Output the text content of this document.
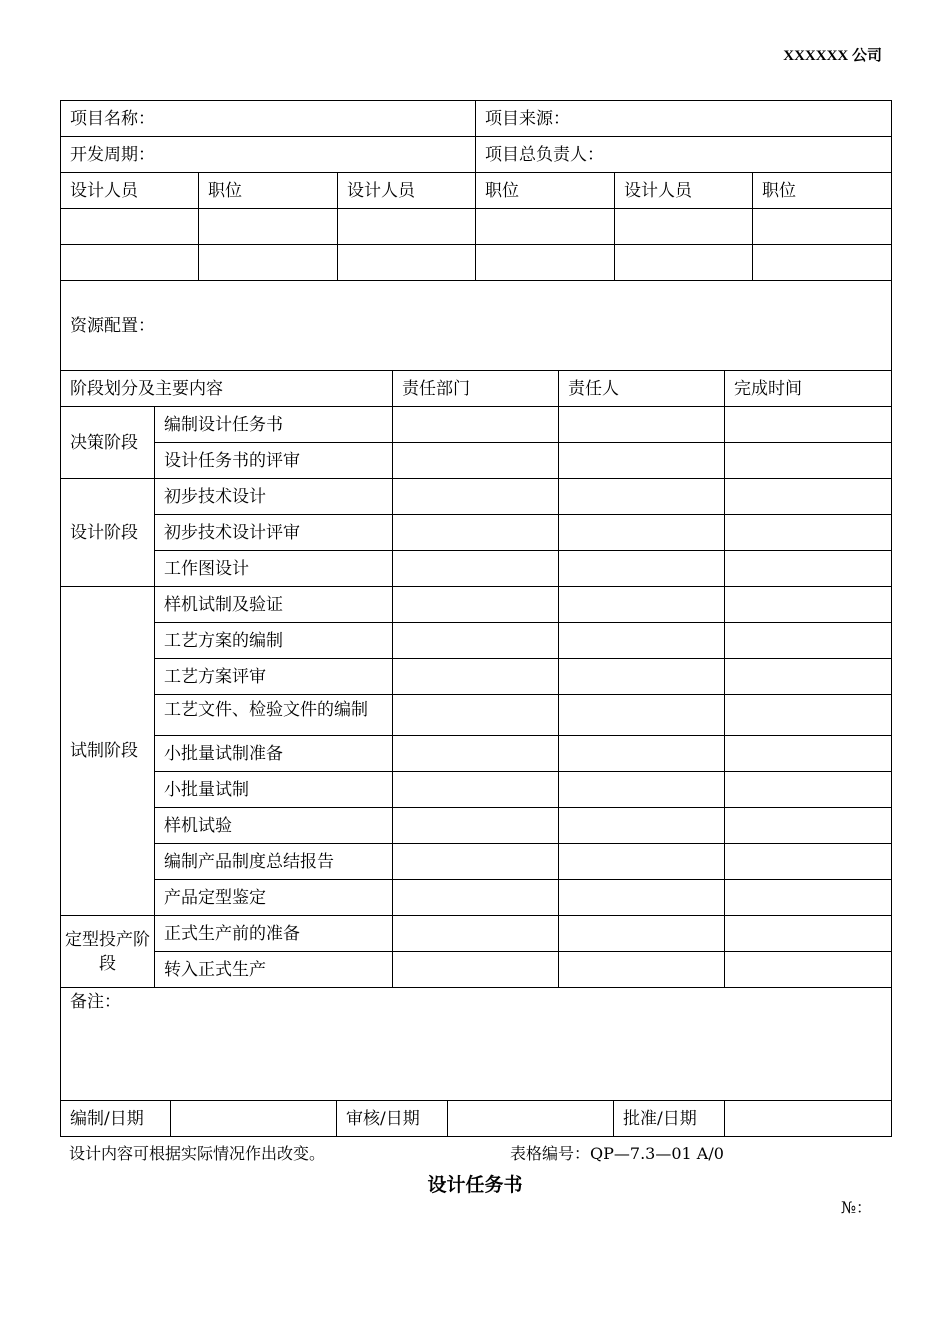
XXXXXX 公司
项目名称：			项目来源：		
开发周期：			项目总负责人：		
设计人员	职位	设计人员	职位	设计人员	职位

资源配置：					
阶段划分及主要内容		责任部门	责任人	完成时间
决策阶段	编制设计任务书			
	设计任务书的评审			
设计阶段	初步技术设计			
	初步技术设计评审			
	工作图设计			
试制阶段	样机试制及验证			
	工艺方案的编制			
	工艺方案评审			

	工艺文件、检验文件的编制			

	小批量试制准备			
	小批量试制			
	样机试验			
	编制产品制度总结报告			
	产品定型鉴定			
定型投产阶段	正式生产前的准备			
	转入正式生产			
备注：				
编制/日期		审核/日期		批准/日期	
设计内容可根据实际情况作出改变。	表格编号：QP—7.3—01 A/0
设计任务书
№：
